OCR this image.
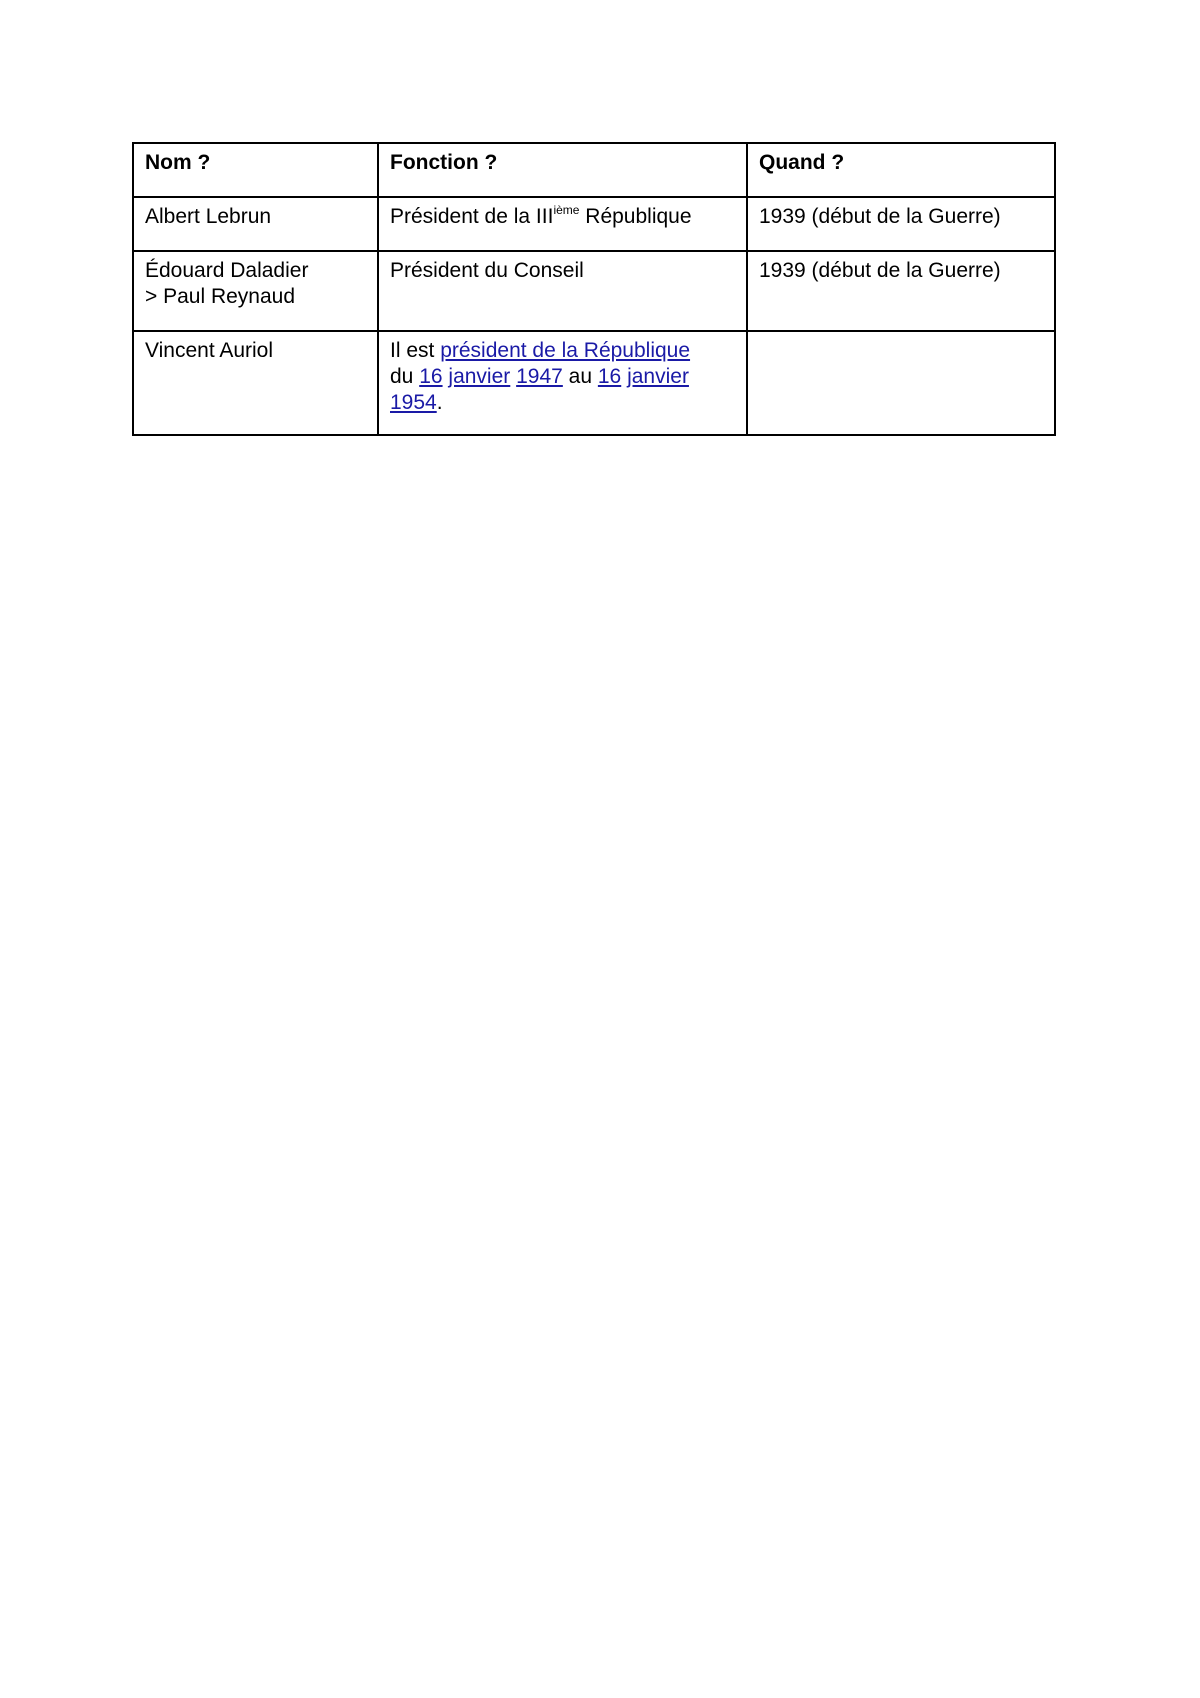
Nom ?	Fonction ?	Quand ?
Albert Lebrun	Président de la IIIième République	1939 (début de la Guerre)

Édouard Daladier
> Paul Reynaud	Président du Conseil	1939 (début de la Guerre)
Vincent Auriol	Il est président de la République
du 16 janvier 1947 au 16 janvier
1954.	
